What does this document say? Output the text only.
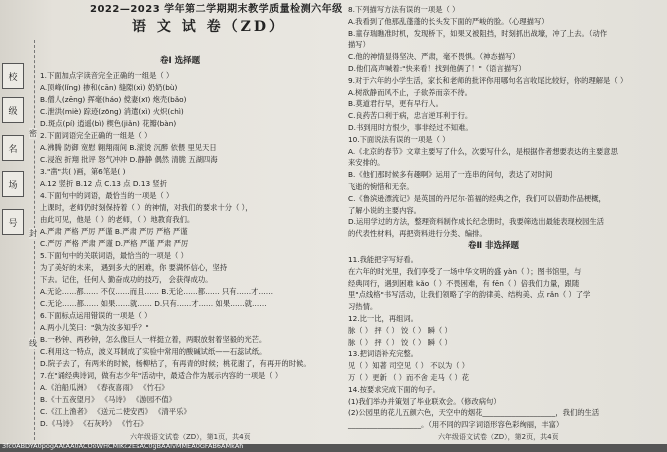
校
级
名
场
号
密
封
线
2022—2023 学年第二学期期末教学质量检测六年级
语 文 试 卷（ZD）
卷Ⅰ 选择题
1.下面加点字读音完全正确的一组是（ ）
A.顶峰(lǐng) 掺和(cān) 缝隙(xì) 奶奶(bù)
B.僧人(zēng) 挥毫(háo) 傥妻(xī) 炮壳(bǎo)
C.泄洪(miè) 踪迹(zōng) 消遣(xì) 火炽(chì)
D.斑点(pí) 逍遥(bì) 楔色(jiǎn) 花瓣(bàn)
2.下面词语完全正确的一组是（ ）
A.沸腾 防御 宽慰 翱翔雨间 B.滚烫 沉醉 依偎 里见天日
C.浸泡 折翔 批评 怒气冲冲 D.静静 偶然 清脆 五湖四海
3."凿"共( )画，第6笔是( )
A.12 竖折 B.12 点 C.13 点 D.13 竖折
4.下面句中的词语，最恰当的一项是（ ）
上课时，老师仍时刻保持着（ ）的神情，对我们的要求十分（ ），
由此可见，他是（ ）的老师，（ ）地教育我们。
A.严肃 严格 严厉 严谨 B.严肃 严厉 严格 严谨
C.严厉 严格 严肃 严谨 D.严格 严谨 严肃 严厉
5.下面句中的关联词语，最恰当的一项是（ ）
为了美好的未来， 遇到多大的困难，你 要满怀信心，坚持
下去。记住，任何人 勤奋成功的技巧， 会获得成功。
A.无论……都…… 不仅……而且…… B.无论……都…… 只有……才……
C.无论……都…… 如果……就…… D.只有……才…… 如果……就……
6.下面标点运用错误的一项是（ ）
A.两小儿笑曰："孰为汝多知乎？"
B.一秒钟、两秒钟，怎么像巨人一样挺立着，两眼放射着坚毅的光芒。
C.利用这一特点，波义耳制成了实验中常用的酸碱试纸——石蕊试纸。
D.院子去了，有两米的时候，杨柳枯了，有再青的时候；桃花谢了，有再开的时候。
7.在"诵经典诗词，做有志少年"活动中，最适合作为展示内容的一项是（ ）
A.《泊船瓜洲》 《春夜喜雨》 《竹石》
B.《十五夜望月》 《马诗》 《游园不值》
C.《江上渔者》 《送元二使安西》 《清平乐》
D.《马诗》 《石灰吟》 《竹石》
六年级语文试卷（ZD），第1页，共4页
8.下列描写方法有误的一项是（ ）
A.我看到了他那乱蓬蓬的长头发下面的严峻的脸。（心理描写）
B.童存瑞瞧准时机，发现桥下，如果又被阻挡，时刻抓出战壕，冲了上去。（动作
描写）
C.他的神情显得坚决、严肃，毫不畏惧。（神态描写）
D.他们高声喊着:"快来看！找到他俩了！"（语言描写）
9.对于六年的小学生活，家长和老师的批评你用哪句名言收尾比较好，你的理解是（ ）
A.树欲静而风不止，子欲养而亲不待。
B.莫道君行早，更有早行人。
C.良药苦口利于病，忠言逆耳利于行。
D.书到用时方恨少，事非经过不知难。
10.下面说法有误的一项是（ ）
A.《北京的春节》文章主要写了什么，次要写什么，是根据作者想要表达的主要意思
来安排的。
B.《他们那时候多有趣啊》运用了一连串的问句，表达了对时间
飞逝的惋惜和无奈。
C.《鲁滨逊漂流记》是英国的丹尼尔·笛福的经典之作，我们可以借助作品梗概，
了解小说的主要内容。
D.运用学过的方法，整理资料制作成长纪念册时，我要筛选出最能表现校园生活
的代表性材料，再把资料进行分类、编排。
卷Ⅱ 非选择题
11.我能把字写好看。
在六年的时光里，我们享受了一场中华文明的盛 yàn（ ）；图书馆里，与
经典同行，遇到困难 kǎo（ ）不畏困难，有 fēn（ ）倍我们力量，跟随
里"点线格"书写活动，让我们领略了字的韵律美、结构美、点 rǎn（ ）了学
习热情。
12.比一比，再组词。
脉（ ） 抨（ ） 饺（ ） 瞬（ ）
脉（ ） 抨（ ） 饺（ ） 瞬（ ）
13.把词语补充完整。
见（ ）知著 司空见（ ） 不以为（ ）
万（ ）更新 （ ）而不舍 走马（ ）花
14.按要求完成下面的句子。
(1)我们举办并策划了毕业联欢会。（修改病句）
(2)公园里的花儿五颜六色，天空中的烟花____________________，我们的生活
____________________。（用不同的四字词语形容色彩绚丽，丰富）
六年级语文试卷（ZD），第2页，共4页
3fc0ABDYA0pogAAtAA0ACOoWHCMIKc2EsAC0gBAAIvMMEA0GFAB6AMkAh
